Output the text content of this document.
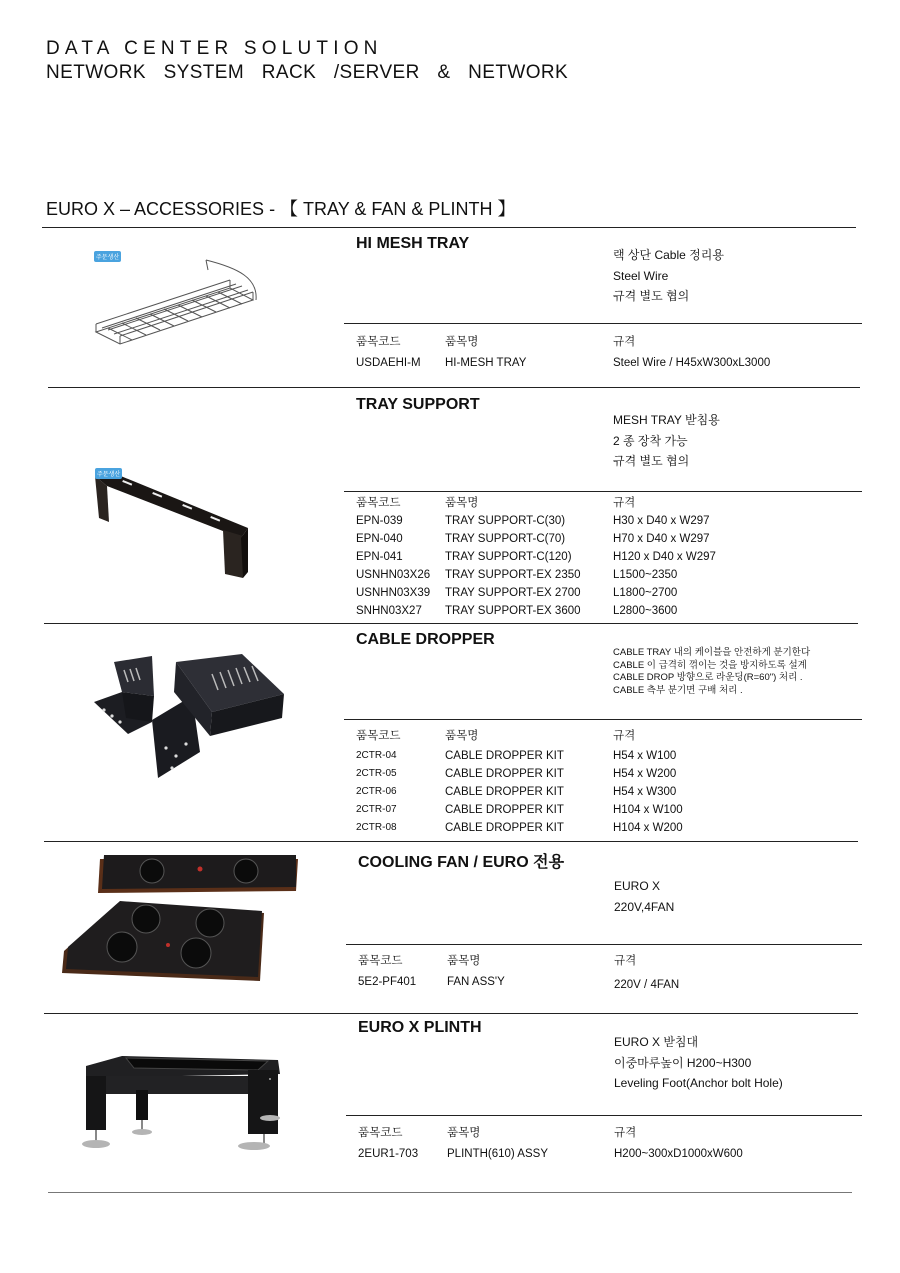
DATA CENTER SOLUTION
NETWORK SYSTEM RACK /SERVER & NETWORK
EURO X – ACCESSORIES - 【 TRAY & FAN & PLINTH 】
주문생산
HI MESH TRAY
랙 상단 Cable 정리용
Steel Wire
규격 별도 협의
품목코드
USDAEHI-M
품목명
HI-MESH TRAY
규격
Steel Wire / H45xW300xL3000
주문생산
TRAY SUPPORT
MESH TRAY 받침용
2 종 장착 가능
규격 별도 협의
품목코드
EPN-039
EPN-040
EPN-041
USNHN03X26
USNHN03X39
SNHN03X27
품목명
TRAY SUPPORT-C(30)
TRAY SUPPORT-C(70)
TRAY SUPPORT-C(120)
TRAY SUPPORT-EX 2350
TRAY SUPPORT-EX 2700
TRAY SUPPORT-EX 3600
규격
H30 x D40 x W297
H70 x D40 x W297
H120 x D40 x W297
L1500~2350
L1800~2700
L2800~3600
CABLE DROPPER
CABLE TRAY 내의 케이블을 안전하게 분기한다
CABLE 이 급격히 꺾이는 것을 방지하도록 설계
CABLE DROP 방향으로 라운딩(R=60") 처리 .
CABLE 측부 분기면 구배 처리 .
품목코드
2CTR-04
2CTR-05
2CTR-06
2CTR-07
2CTR-08
품목명
CABLE DROPPER KIT
CABLE DROPPER KIT
CABLE DROPPER KIT
CABLE DROPPER KIT
CABLE DROPPER KIT
규격
H54 x W100
H54 x W200
H54 x W300
H104 x W100
H104 x W200
COOLING FAN / EURO 전용
EURO X
220V,4FAN
품목코드
5E2-PF401
품목명
FAN ASS'Y
규격
220V / 4FAN
EURO X PLINTH
EURO X 받침대
이중마루높이 H200~H300
Leveling Foot(Anchor bolt Hole)
품목코드
2EUR1-703
품목명
PLINTH(610) ASSY
규격
H200~300xD1000xW600
